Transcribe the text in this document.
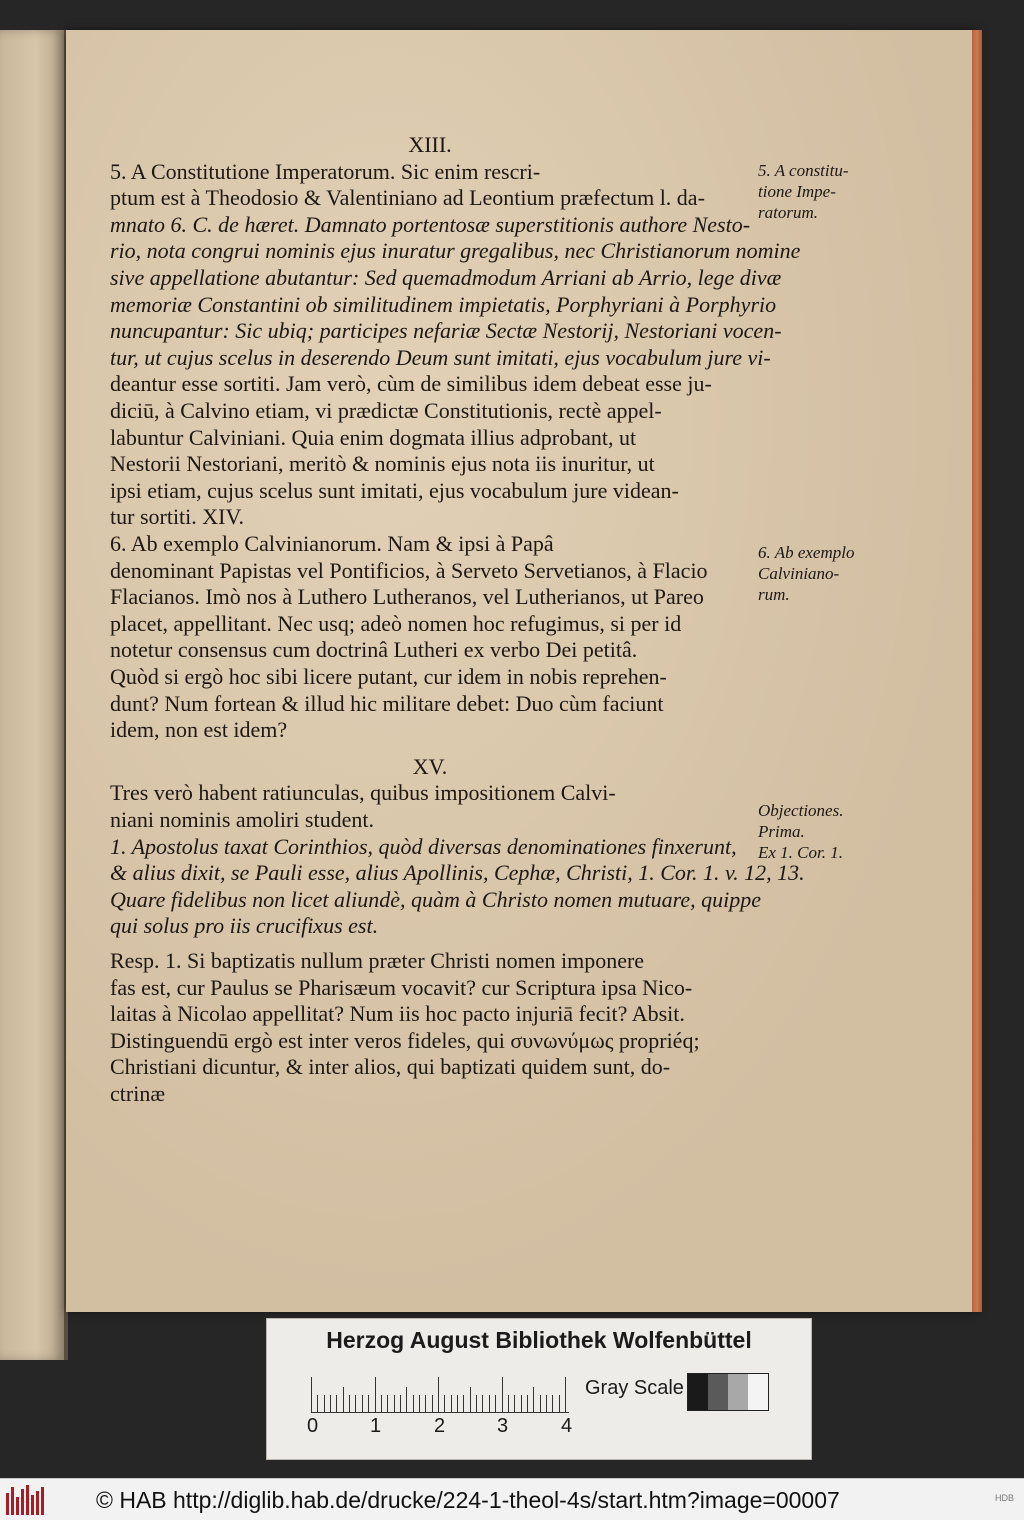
XIII.
5. A Constitutione Imperatorum. Sic enim rescri-
ptum est à Theodosio & Valentiniano ad Leontium præfectum l. da-
mnato 6. C. de hæret. Damnato portentosæ superstitionis authore Nesto-
rio, nota congrui nominis ejus inuratur gregalibus, nec Christianorum nomine
sive appellatione abutantur: Sed quemadmodum Arriani ab Arrio, lege divæ
memoriæ Constantini ob similitudinem impietatis, Porphyriani à Porphyrio
nuncupantur: Sic ubiq; participes nefariæ Sectæ Nestorij, Nestoriani vocen-
tur, ut cujus scelus in deserendo Deum sunt imitati, ejus vocabulum jure vi-
deantur esse sortiti. Jam verò, cùm de similibus idem debeat esse ju-
diciū, à Calvino etiam, vi prædictæ Constitutionis, rectè appel-
labuntur Calviniani. Quia enim dogmata illius adprobant, ut
Nestorii Nestoriani, meritò & nominis ejus nota iis inuritur, ut
ipsi etiam, cujus scelus sunt imitati, ejus vocabulum jure videan-
tur sortiti. XIV.
6. Ab exemplo Calvinianorum. Nam & ipsi à Papâ
denominant Papistas vel Pontificios, à Serveto Servetianos, à Flacio
Flacianos. Imò nos à Luthero Lutheranos, vel Lutherianos, ut Pareo
placet, appellitant. Nec usq; adeò nomen hoc refugimus, si per id
notetur consensus cum doctrinâ Lutheri ex verbo Dei petitâ.
Quòd si ergò hoc sibi licere putant, cur idem in nobis reprehen-
dunt? Num fortean & illud hic militare debet: Duo cùm faciunt
idem, non est idem?
XV.
Tres verò habent ratiunculas, quibus impositionem Calvi-
niani nominis amoliri student.
1. Apostolus taxat Corinthios, quòd diversas denominationes finxerunt,
& alius dixit, se Pauli esse, alius Apollinis, Cephæ, Christi, 1. Cor. 1. v. 12, 13.
Quare fidelibus non licet aliundè, quàm à Christo nomen mutuare, quippe
qui solus pro iis crucifixus est.
Resp. 1. Si baptizatis nullum præter Christi nomen imponere
fas est, cur Paulus se Pharisæum vocavit? cur Scriptura ipsa Nico-
laitas à Nicolao appellitat? Num iis hoc pacto injuriā fecit? Absit.
Distinguendū ergò est inter veros fideles, qui συνωνύμως propriéq;
Christiani dicuntur, & inter alios, qui baptizati quidem sunt, do-
ctrinæ
5. A constitu-
tione Impe-
ratorum.
6. Ab exemplo
Calviniano-
rum.
Objectiones.
Prima.
Ex 1. Cor. 1.
Herzog August Bibliothek Wolfenbüttel
0	1	2	3	4
Gray Scale
© HAB http://diglib.hab.de/drucke/224-1-theol-4s/start.htm?image=00007	HDB
